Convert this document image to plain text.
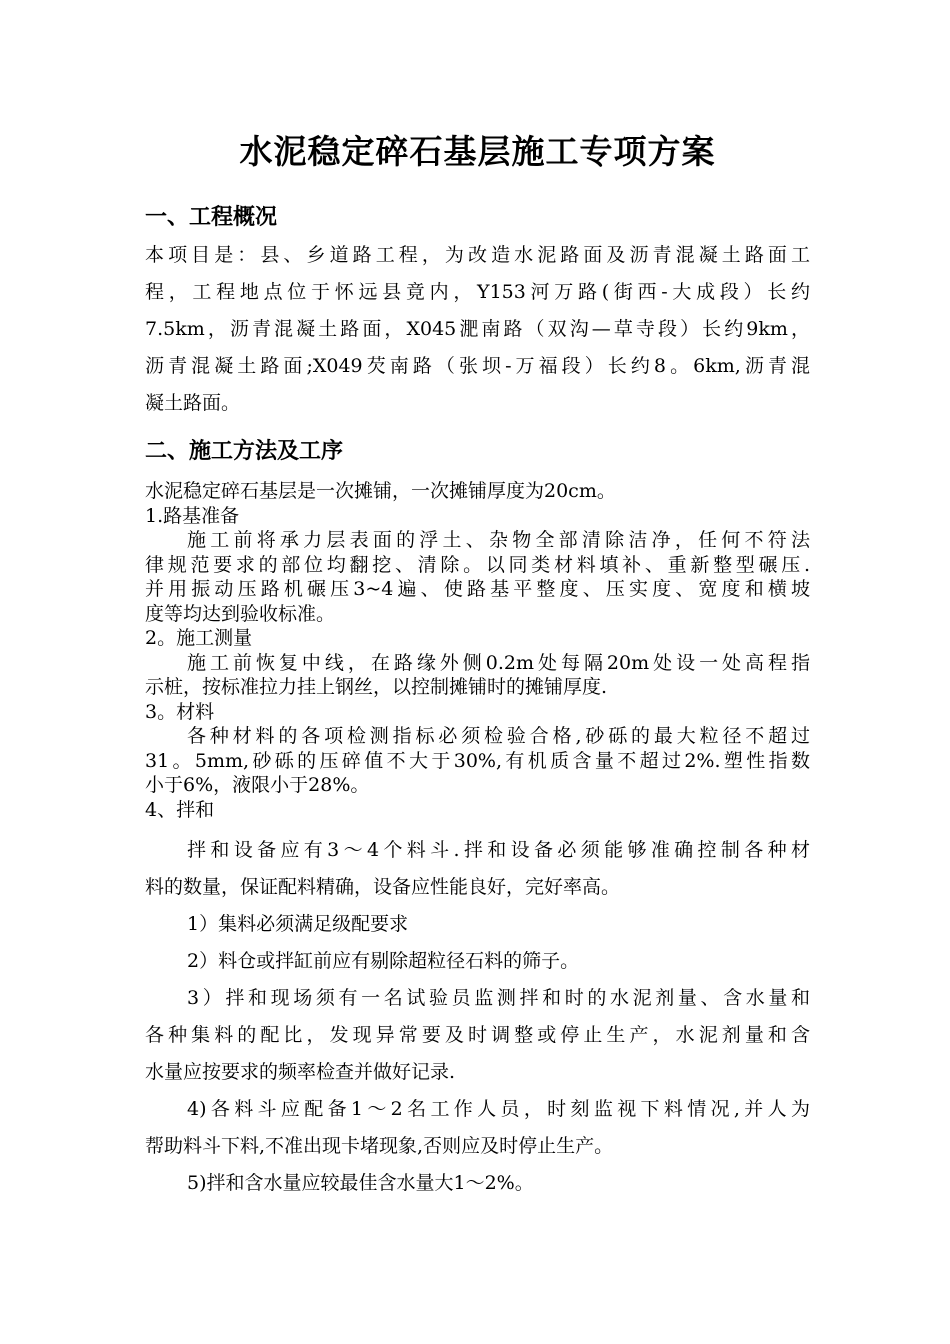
水泥稳定碎石基层施工专项方案
一、工程概况
本项目是：县、乡道路工程，为改造水泥路面及沥青混凝土路面工
程，工程地点位于怀远县竟内，Y153河万路(街西-大成段）长约
7.5km，沥青混凝土路面，X045淝南路（双沟—草寺段）长约9km，
沥青混凝土路面;X049芡南路（张坝-万福段）长约8。6km,沥青混
凝土路面。
二、施工方法及工序
水泥稳定碎石基层是一次摊铺，一次摊铺厚度为20cm。
1.路基准备
施工前将承力层表面的浮土、杂物全部清除洁净，任何不符法
律规范要求的部位均翻挖、清除。以同类材料填补、重新整型碾压.
并用振动压路机碾压3~4遍、使路基平整度、压实度、宽度和横坡
度等均达到验收标准。
2。施工测量
施工前恢复中线，在路缘外侧0.2m处每隔20m处设一处高程指
示桩，按标准拉力挂上钢丝，以控制摊铺时的摊铺厚度.
3。材料
各种材料的各项检测指标必须检验合格,砂砾的最大粒径不超过
31。5mm,砂砾的压碎值不大于30%,有机质含量不超过2%.塑性指数
小于6%，液限小于28%。
4、拌和
拌和设备应有3～4个料斗.拌和设备必须能够准确控制各种材
料的数量，保证配料精确，设备应性能良好，完好率高。
1）集料必须满足级配要求
2）料仓或拌缸前应有剔除超粒径石料的筛子。
3）拌和现场须有一名试验员监测拌和时的水泥剂量、含水量和
各种集料的配比，发现异常要及时调整或停止生产，水泥剂量和含
水量应按要求的频率检查并做好记录.
4)各料斗应配备1～2名工作人员，时刻监视下料情况,并人为
帮助料斗下料,不准出现卡堵现象,否则应及时停止生产。
5)拌和含水量应较最佳含水量大1～2%。
